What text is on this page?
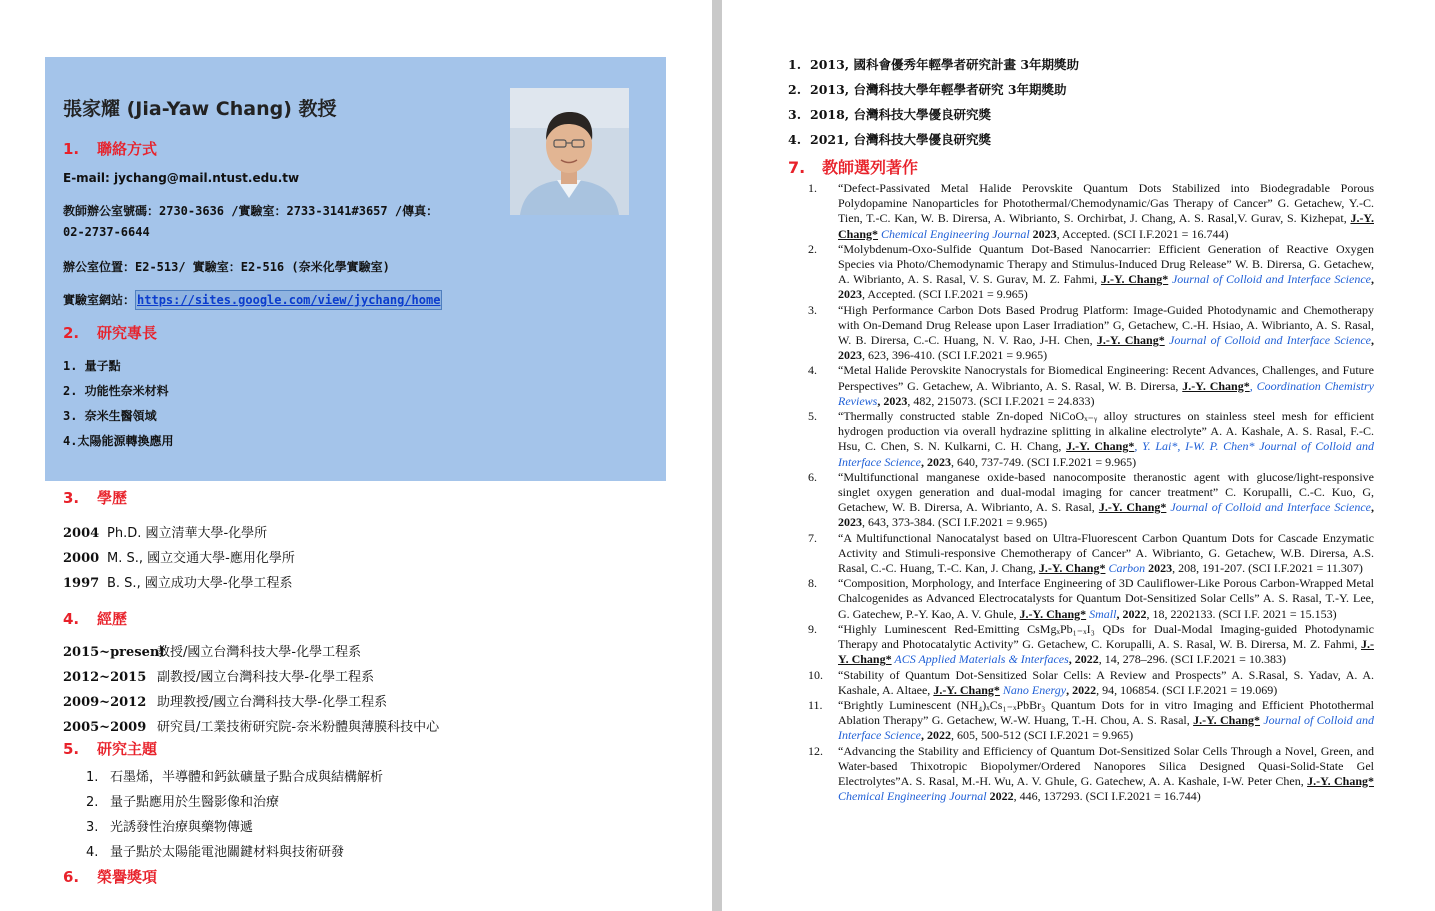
張家耀 (Jia-Yaw Chang) 教授
1. 聯絡方式
E-mail: jychang@mail.ntust.edu.tw
教師辦公室號碼：2730-3636 /實驗室：2733-3141#3657 /傳真：
02-2737-6644
辦公室位置：E2-513/ 實驗室：E2-516 (奈米化學實驗室)
實驗室網站： https://sites.google.com/view/jychang/home
2. 研究專長
1. 量子點
2. 功能性奈米材料
3. 奈米生醫領域
4.太陽能源轉換應用
3. 學歷
2004 Ph.D. 國立清華大學-化學所
2000 M. S., 國立交通大學-應用化學所
1997 B. S., 國立成功大學-化學工程系
4. 經歷
2015~present教授/國立台灣科技大學-化學工程系
2012~2015 副教授/國立台灣科技大學-化學工程系
2009~2012 助理教授/國立台灣科技大學-化學工程系
2005~2009 研究員/工業技術研究院-奈米粉體與薄膜科技中心
5. 研究主題
1. 石墨烯，半導體和鈣鈦礦量子點合成與結構解析
2. 量子點應用於生醫影像和治療
3. 光誘發性治療與藥物傳遞
4. 量子點於太陽能電池關鍵材料與技術研發
6. 榮譽獎項
1. 2013, 國科會優秀年輕學者研究計畫 3年期獎助
2. 2013, 台灣科技大學年輕學者研究 3年期獎助
3. 2018, 台灣科技大學優良研究獎
4. 2021, 台灣科技大學優良研究獎
7. 教師選列著作
1. “Defect-Passivated Metal Halide Perovskite Quantum Dots Stabilized into Biodegradable Porous Polydopamine Nanoparticles for Photothermal/Chemodynamic/Gas Therapy of Cancer” G. Getachew, Y.-C. Tien, T.-C. Kan, W. B. Dirersa, A. Wibrianto, S. Orchirbat, J. Chang, A. S. Rasal,V. Gurav, S. Kizhepat, J.-Y. Chang* Chemical Engineering Journal 2023, Accepted. (SCI I.F.2021 = 16.744)
2. “Molybdenum-Oxo-Sulfide Quantum Dot-Based Nanocarrier: Efficient Generation of Reactive Oxygen Species via Photo/Chemodynamic Therapy and Stimulus-Induced Drug Release” W. B. Dirersa, G. Getachew, A. Wibrianto, A. S. Rasal, V. S. Gurav, M. Z. Fahmi, J.-Y. Chang* Journal of Colloid and Interface Science, 2023, Accepted. (SCI I.F.2021 = 9.965)
3. “High Performance Carbon Dots Based Prodrug Platform: Image-Guided Photodynamic and Chemotherapy with On-Demand Drug Release upon Laser Irradiation” G, Getachew, C.-H. Hsiao, A. Wibrianto, A. S. Rasal, W. B. Dirersa, C.-C. Huang, N. V. Rao, J-H. Chen, J.-Y. Chang* Journal of Colloid and Interface Science, 2023, 623, 396-410. (SCI I.F.2021 = 9.965)
4. “Metal Halide Perovskite Nanocrystals for Biomedical Engineering: Recent Advances, Challenges, and Future Perspectives” G. Getachew, A. Wibrianto, A. S. Rasal, W. B. Dirersa, J.-Y. Chang*, Coordination Chemistry Reviews, 2023, 482, 215073. (SCI I.F.2021 = 24.833)
5. “Thermally constructed stable Zn-doped NiCoOₓ₋ᵧ alloy structures on stainless steel mesh for efficient hydrogen production via overall hydrazine splitting in alkaline electrolyte” A. A. Kashale, A. S. Rasal, F.-C. Hsu, C. Chen, S. N. Kulkarni, C. H. Chang, J.-Y. Chang*, Y. Lai*, I-W. P. Chen* Journal of Colloid and Interface Science, 2023, 640, 737-749. (SCI I.F.2021 = 9.965)
6. “Multifunctional manganese oxide-based nanocomposite theranostic agent with glucose/light-responsive singlet oxygen generation and dual-modal imaging for cancer treatment” C. Korupalli, C.-C. Kuo, G, Getachew, W. B. Dirersa, A. Wibrianto, A. S. Rasal, J.-Y. Chang* Journal of Colloid and Interface Science, 2023, 643, 373-384. (SCI I.F.2021 = 9.965)
7. “A Multifunctional Nanocatalyst based on Ultra-Fluorescent Carbon Quantum Dots for Cascade Enzymatic Activity and Stimuli-responsive Chemotherapy of Cancer” A. Wibrianto, G. Getachew, W.B. Dirersa, A.S. Rasal, C.-C. Huang, T.-C. Kan, J. Chang, J.-Y. Chang* Carbon 2023, 208, 191-207. (SCI I.F.2021 = 11.307)
8. “Composition, Morphology, and Interface Engineering of 3D Cauliflower-Like Porous Carbon-Wrapped Metal Chalcogenides as Advanced Electrocatalysts for Quantum Dot-Sensitized Solar Cells” A. S. Rasal, T.-Y. Lee, G. Gatechew, P.-Y. Kao, A. V. Ghule, J.-Y. Chang* Small, 2022, 18, 2202133. (SCI I.F. 2021 = 15.153)
9. “Highly Luminescent Red-Emitting CsMgₓPb₁₋ₓI₃ QDs for Dual-Modal Imaging-guided Photodynamic Therapy and Photocatalytic Activity” G. Getachew, C. Korupalli, A. S. Rasal, W. B. Dirersa, M. Z. Fahmi, J.-Y. Chang* ACS Applied Materials & Interfaces, 2022, 14, 278–296. (SCI I.F.2021 = 10.383)
10. “Stability of Quantum Dot-Sensitized Solar Cells: A Review and Prospects” A. S.Rasal, S. Yadav, A. A. Kashale, A. Altaee, J.-Y. Chang* Nano Energy, 2022, 94, 106854. (SCI I.F.2021 = 19.069)
11. “Brightly Luminescent (NH₄)ₓCs₁₋ₓPbBr₃ Quantum Dots for in vitro Imaging and Efficient Photothermal Ablation Therapy” G. Getachew, W.-W. Huang, T.-H. Chou, A. S. Rasal, J.-Y. Chang* Journal of Colloid and Interface Science, 2022, 605, 500-512 (SCI I.F.2021 = 9.965)
12. “Advancing the Stability and Efficiency of Quantum Dot-Sensitized Solar Cells Through a Novel, Green, and Water-based Thixotropic Biopolymer/Ordered Nanopores Silica Designed Quasi-Solid-State Gel Electrolytes”A. S. Rasal, M.-H. Wu, A. V. Ghule, G. Gatechew, A. A. Kashale, I-W. Peter Chen, J.-Y. Chang* Chemical Engineering Journal 2022, 446, 137293. (SCI I.F.2021 = 16.744)
